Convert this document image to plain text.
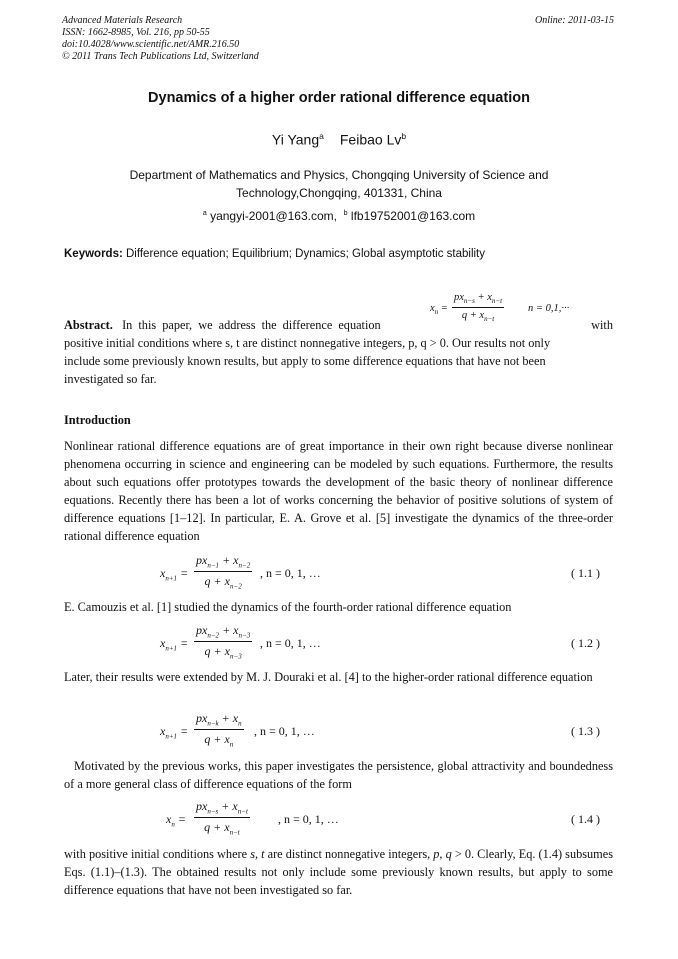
Advanced Materials Research
ISSN: 1662-8985, Vol. 216, pp 50-55
doi:10.4028/www.scientific.net/AMR.216.50
© 2011 Trans Tech Publications Ltd, Switzerland
Online: 2011-03-15
Dynamics of a higher order rational difference equation
Yi Yang$^a$ Feibao Lv$^b$
Department of Mathematics and Physics, Chongqing University of Science and
Technology,Chongqing, 401331, China
$^a$ yangyi-2001@163.com, $^b$ lfb19752001@163.com
Keywords: Difference equation; Equilibrium; Dynamics; Global asymptotic stability
$x_n$ =
$px_{n-s} + x_{n-t}$
$q + x_{n-t}$
n = 0,1,···
Abstract. In this paper, we address the difference equation	with
positive initial conditions where s, t are distinct nonnegative integers, p, q > 0. Our results not only
include some previously known results, but apply to some difference equations that have not been
investigated so far.
Introduction
Nonlinear rational difference equations are of great importance in their own right because diverse nonlinear phenomena occurring in science and engineering can be modeled by such equations. Furthermore, the results about such equations offer prototypes towards the development of the basic theory of nonlinear difference equations. Recently there has been a lot of works concerning the behavior of positive solutions of system of difference equations [1–12]. In particular, E. A. Grove et al. [5] investigate the dynamics of the three-order rational difference equation
$x_{n+1}$ =
$px_{n-1} + x_{n-2}$
$q + x_{n-2}$
, n = 0, 1, …	( 1.1 )
E. Camouzis et al. [1] studied the dynamics of the fourth-order rational difference equation
$x_{n+1}$ =
$px_{n-2} + x_{n-3}$
$q + x_{n-3}$
, n = 0, 1, …	( 1.2 )
Later, their results were extended by M. J. Douraki et al. [4] to the higher-order rational difference equation
$x_{n+1}$ =
$px_{n-k} + x_n$
$q + x_n$
, n = 0, 1, …	( 1.3 )
Motivated by the previous works, this paper investigates the persistence, global attractivity and boundedness of a more general class of difference equations of the form
$x_n$ =
$px_{n-s} + x_{n-t}$
$q + x_{n-t}$
, n = 0, 1, …	( 1.4 )
with positive initial conditions where s, t are distinct nonnegative integers, p, q > 0. Clearly, Eq. (1.4) subsumes Eqs. (1.1)–(1.3). The obtained results not only include some previously known results, but apply to some difference equations that have not been investigated so far.
